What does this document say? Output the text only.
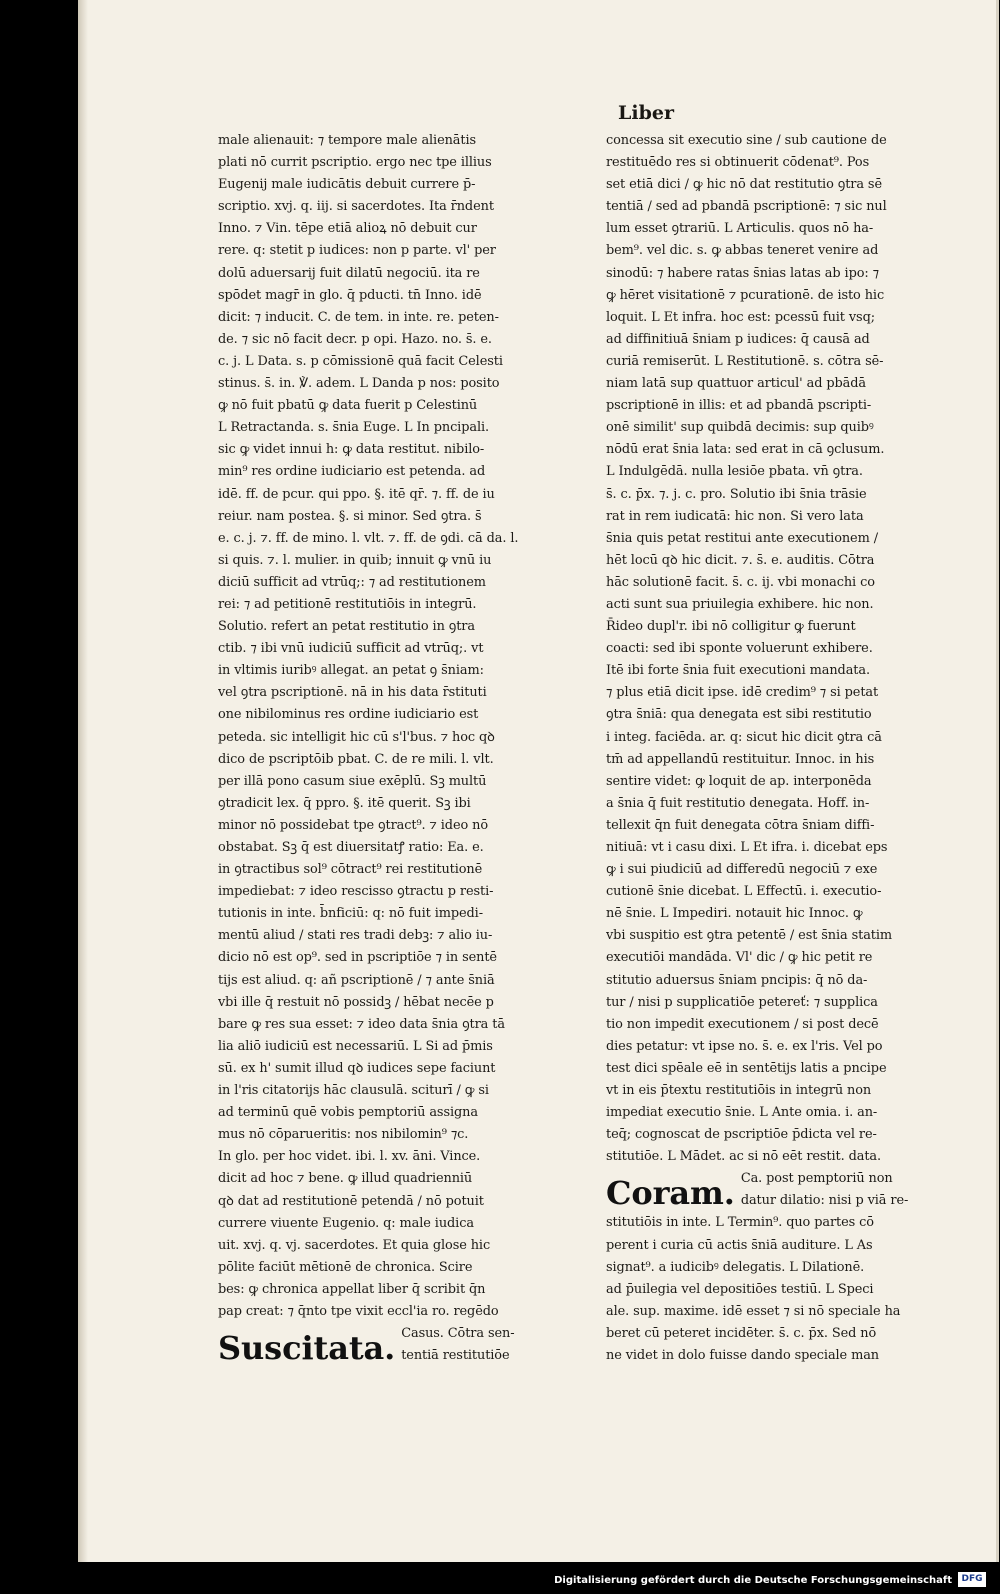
Liber
male alienauit: ⁊ tempore male alienātis
plati nō currit pscriptio. ergo nec tpe illius
Eugenij male iudicātis debuit currere p̄-
scriptio. xvj. q. iij. si sacerdotes. Ita r̄ndent
Inno. ⁊ Vin. tēpe etiā alioꝝ nō debuit cur
rere. q: stetit p iudices: non p parte. vl' per
dolū aduersarij fuit dilatū negociū. ita re
spōdet magr̄ in glo. q̄ pducti. tn̄ Inno. idē
dicit: ⁊ inducit. C. de tem. in inte. re. peten-
de. ⁊ sic nō facit decr. p opi. Hazo. no. s̄. e.
c. j. L Data. s. p cōmissionē quā facit Celesti
stinus. s̄. in. ℣. adem. L Danda p nos: posito
ꝙ nō fuit pbatū ꝙ data fuerit p Celestinū
L Retractanda. s. s̄nia Euge. L In pncipali.
sic ꝙ videt innui h: ꝙ data restitut. nibilo-
min⁹ res ordine iudiciario est petenda. ad
idē. ff. de pcur. qui ppo. §. itē qr̄. ⁊. ff. de iu
reiur. nam postea. §. si minor. Sed ꝯtra. s̄
e. c. j. ⁊. ff. de mino. l. vlt. ⁊. ff. de ꝯdi. cā da. l.
si quis. ⁊. l. mulier. in quib; innuit ꝙ vnū iu
diciū sufficit ad vtrūq;: ⁊ ad restitutionem
rei: ⁊ ad petitionē restitutiōis in integrū.
Solutio. refert an petat restitutio in ꝯtra
ctib. ⁊ ibi vnū iudiciū sufficit ad vtrūq;. vt
in vltimis iuribꝰ allegat. an petat ꝯ s̄niam:
vel ꝯtra pscriptionē. nā in his data r̄stituti
one nibilominus res ordine iudiciario est
peteda. sic intelligit hic cū s'l'bus. ⁊ hoc qꝺ
dico de pscriptōib pbat. C. de re mili. l. vlt.
per illā pono casum siue exēplū. Sꝫ multū
ꝯtradicit lex. q̄ ppro. §. itē querit. Sꝫ ibi
minor nō possidebat tpe ꝯtract⁹. ⁊ ideo nō
obstabat. Sꝫ q̄ est diuersitatꝭ ratio: Ea. e.
in ꝯtractibus sol⁹ cōtract⁹ rei restitutionē
impediebat: ⁊ ideo rescisso ꝯtractu p resti-
tutionis in inte. b̄nficiū: q: nō fuit impedi-
mentū aliud / stati res tradi debꝫ: ⁊ alio iu-
dicio nō est op⁹. sed in pscriptiōe ⁊ in sentē
tijs est aliud. q: añ pscriptionē / ⁊ ante s̄niā
vbi ille q̄ restuit nō possidꝫ / hēbat necēe p
bare ꝙ res sua esset: ⁊ ideo data s̄nia ꝯtra tā
lia aliō iudiciū est necessariū. L Si ad p̄mis
sū. ex h' sumit illud qꝺ iudices sepe faciunt
in l'ris citatorijs hāc clausulā. sciturī / ꝙ si
ad terminū quē vobis pemptoriū assigna
mus nō cōparueritis: nos nibilomin⁹ ⁊c.
In glo. per hoc videt. ibi. l. xv. āni. Vince.
dicit ad hoc ⁊ bene. ꝙ illud quadrienniū
qꝺ dat ad restitutionē petendā / nō potuit
currere viuente Eugenio. q: male iudica
uit. xvj. q. vj. sacerdotes. Et quia glose hic
pōlite faciūt mētionē de chronica. Scire
bes: ꝙ chronica appellat liber q̄ scribit q̄n
pap creat: ⁊ q̄nto tpe vixit eccl'ia ro. regēdo
Suscitata. Casus. Cōtra sen-
tentiā restitutiōe
concessa sit executio sine / sub cautione de
restituēdo res si obtinuerit cōdenat⁹. Pos
set etiā dici / ꝙ hic nō dat restitutio ꝯtra sē
tentiā / sed ad pbandā pscriptionē: ⁊ sic nul
lum esset ꝯtrariū. L Articulis. quos nō ha-
bem⁹. vel dic. s. ꝙ abbas teneret venire ad
sinodū: ⁊ habere ratas s̄nias latas ab ipo: ⁊
ꝙ hēret visitationē ⁊ pcurationē. de isto hic
loquit. L Et infra. hoc est: pcessū fuit vsq;
ad diffinitiuā s̄niam p iudices: q̄ causā ad
curiā remiserūt. L Restitutionē. s. cōtra sē-
niam latā sup quattuor articul' ad pbādā
pscriptionē in illis: et ad pbandā pscripti-
onē similit' sup quibdā decimis: sup quibꝰ
nōdū erat s̄nia lata: sed erat in cā ꝯclusum.
L Indulgēdā. nulla lesiōe pbata. vn̄ ꝯtra.
s̄. c. p̄x. ⁊. j. c. pro. Solutio ibi s̄nia trāsie
rat in rem iudicatā: hic non. Si vero lata
s̄nia quis petat restitui ante executionem /
hēt locū qꝺ hic dicit. ⁊. s̄. e. auditis. Cōtra
hāc solutionē facit. s̄. c. ij. vbi monachi co
acti sunt sua priuilegia exhibere. hic non.
R̄ideo dupl'r. ibi nō colligitur ꝙ fuerunt
coacti: sed ibi sponte voluerunt exhibere.
Itē ibi forte s̄nia fuit executioni mandata.
⁊ plus etiā dicit ipse. idē credim⁹ ⁊ si petat
ꝯtra s̄niā: qua denegata est sibi restitutio
i integ. faciēda. ar. q: sicut hic dicit ꝯtra cā
tm̄ ad appellandū restituitur. Innoc. in his
sentire videt: ꝙ loquit de ap. interponēda
a s̄nia q̄ fuit restitutio denegata. Hoff. in-
tellexit q̄n fuit denegata cōtra s̄niam diffi-
nitiuā: vt i casu dixi. L Et ifra. i. dicebat eps
ꝙ i sui piudiciū ad differedū negociū ⁊ exe
cutionē s̄nie dicebat. L Effectū. i. executio-
nē s̄nie. L Impediri. notauit hic Innoc. ꝙ
vbi suspitio est ꝯtra petentē / est s̄nia statim
executiōi mandāda. Vl' dic / ꝙ hic petit re
stitutio aduersus s̄niam pncipis: q̄ nō da-
tur / nisi p supplicatiōe petereť: ⁊ supplica
tio non impedit executionem / si post decē
dies petatur: vt ipse no. s̄. e. ex l'ris. Vel po
test dici spēale eē in sentētijs latis a pncipe
vt in eis p̄textu restitutiōis in integrū non
impediat executio s̄nie. L Ante omia. i. an-
teq̄; cognoscat de pscriptiōe p̄dicta vel re-
stitutiōe. L Mādet. ac si nō eēt restit. data.
Coram. Ca. post pemptoriū non
datur dilatio: nisi p viā re-
stitutiōis in inte. L Termin⁹. quo partes cō
perent i curia cū actis s̄niā auditure. L As
signat⁹. a iudicibꝰ delegatis. L Dilationē.
ad p̄uilegia vel depositiōes testiū. L Speci
ale. sup. maxime. idē esset ⁊ si nō speciale ha
beret cū peteret incidēter. s̄. c. p̄x. Sed nō
ne videt in dolo fuisse dando speciale man
Digitalisierung gefördert durch die Deutsche Forschungsgemeinschaft	DFG
